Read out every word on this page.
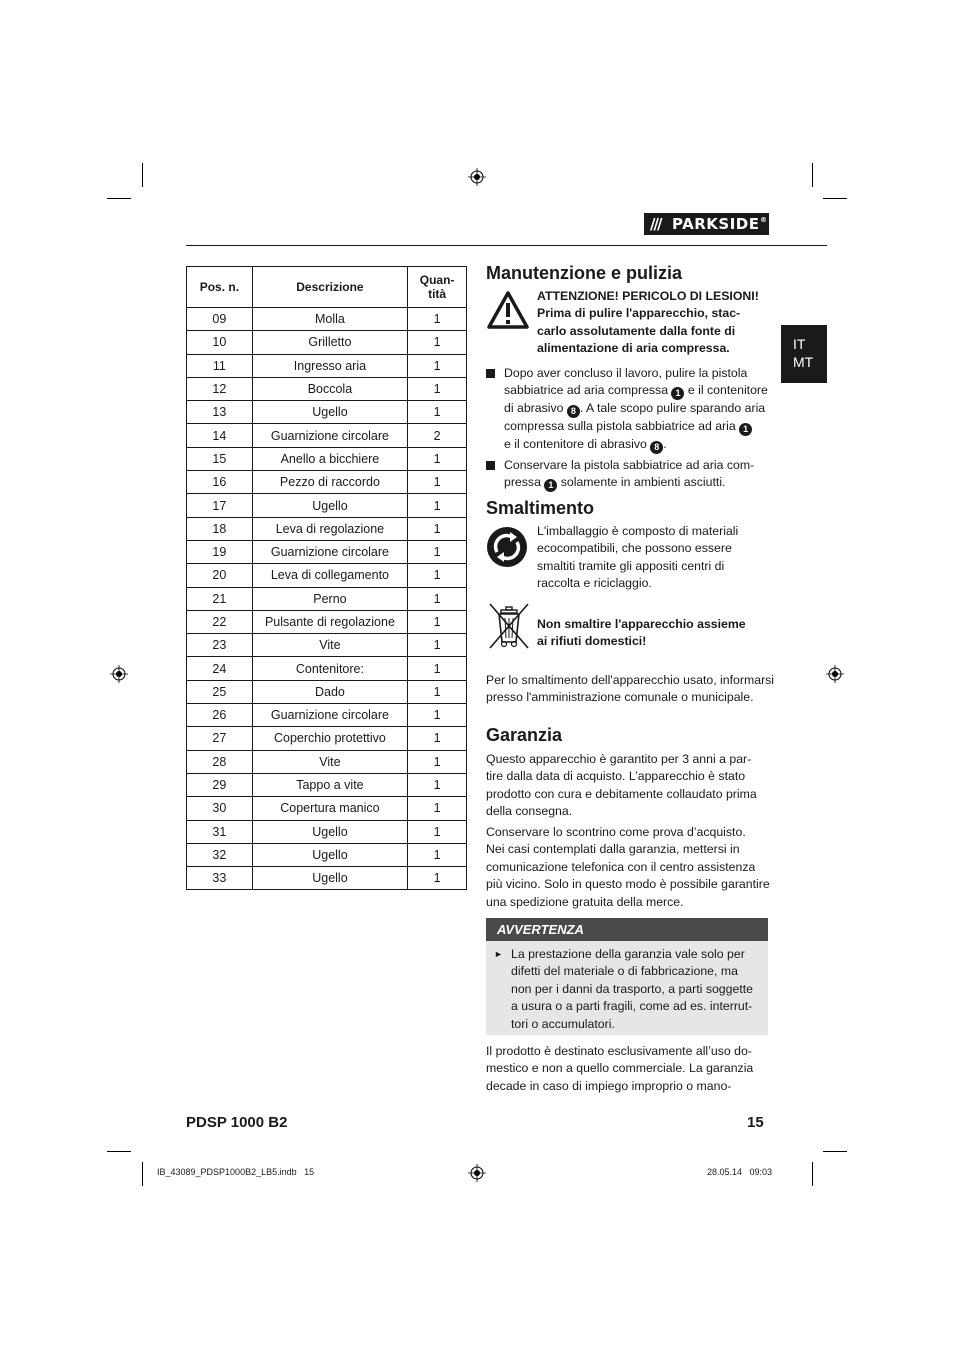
/// PARKSIDE ®
IT
MT
Pos. n.	Descrizione	Quan-
tità
09	Molla	1
10	Grilletto	1
11	Ingresso aria	1
12	Boccola	1
13	Ugello	1
14	Guarnizione circolare	2
15	Anello a bicchiere	1
16	Pezzo di raccordo	1
17	Ugello	1
18	Leva di regolazione	1
19	Guarnizione circolare	1
20	Leva di collegamento	1
21	Perno	1
22	Pulsante di regolazione	1
23	Vite	1
24	Contenitore:	1
25	Dado	1
26	Guarnizione circolare	1
27	Coperchio protettivo	1
28	Vite	1
29	Tappo a vite	1
30	Copertura manico	1
31	Ugello	1
32	Ugello	1
33	Ugello	1
Manutenzione e pulizia
ATTENZIONE! PERICOLO DI LESIONI!
Prima di pulire l'apparecchio, stac-
carlo assolutamente dalla fonte di
alimentazione di aria compressa.
Dopo aver concluso il lavoro, pulire la pistola
sabbiatrice ad aria compressa 1 e il contenitore
di abrasivo 8 . A tale scopo pulire sparando aria
compressa sulla pistola sabbiatrice ad aria 1
e il contenitore di abrasivo 8 .
Conservare la pistola sabbiatrice ad aria com-
pressa 1 solamente in ambienti asciutti.
Smaltimento
L'imballaggio è composto di materiali
ecocompatibili, che possono essere
smaltiti tramite gli appositi centri di
raccolta e riciclaggio.
Non smaltire l'apparecchio assieme
ai rifiuti domestici!
Per lo smaltimento dell'apparecchio usato, informarsi
presso l'amministrazione comunale o municipale.
Garanzia
Questo apparecchio è garantito per 3 anni a par-
tire dalla data di acquisto. L’apparecchio è stato
prodotto con cura e debitamente collaudato prima
della consegna.
Conservare lo scontrino come prova d’acquisto.
Nei casi contemplati dalla garanzia, mettersi in
comunicazione telefonica con il centro assistenza
più vicino. Solo in questo modo è possibile garantire
una spedizione gratuita della merce.
AVVERTENZA
► La prestazione della garanzia vale solo per
difetti del materiale o di fabbricazione, ma
non per i danni da trasporto, a parti soggette
a usura o a parti fragili, come ad es. interrut-
tori o accumulatori.
Il prodotto è destinato esclusivamente all’uso do-
mestico e non a quello commerciale. La garanzia
decade in caso di impiego improprio o mano-
PDSP 1000 B2	15
IB_43089_PDSP1000B2_LB5.indb   15	28.05.14   09:03
